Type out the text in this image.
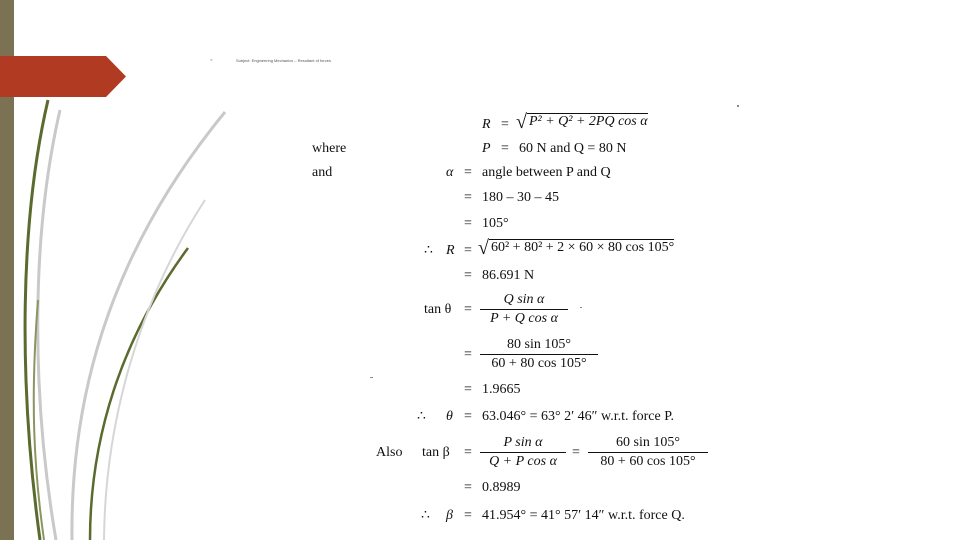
◦	Subject: Engineering Mechanics – Resultant of forces
R = √ P² + Q² + 2PQ cos α
where	P = 60 N and Q = 80 N
and	α = angle between P and Q
= 180 – 30 – 45
= 105°
∴ R = √ 60² + 80² + 2 × 60 × 80 cos 105°
= 86.691 N
tan θ =
Q sin α
P + Q cos α
=
80 sin 105°
60 + 80 cos 105°
= 1.9665
∴ θ = 63.046° = 63° 2′ 46″ w.r.t. force P.
Also tan β =
P sin α
Q + P cos α
=
60 sin 105°
80 + 60 cos 105°
= 0.8989
∴ β = 41.954° = 41° 57′ 14″ w.r.t. force Q.
